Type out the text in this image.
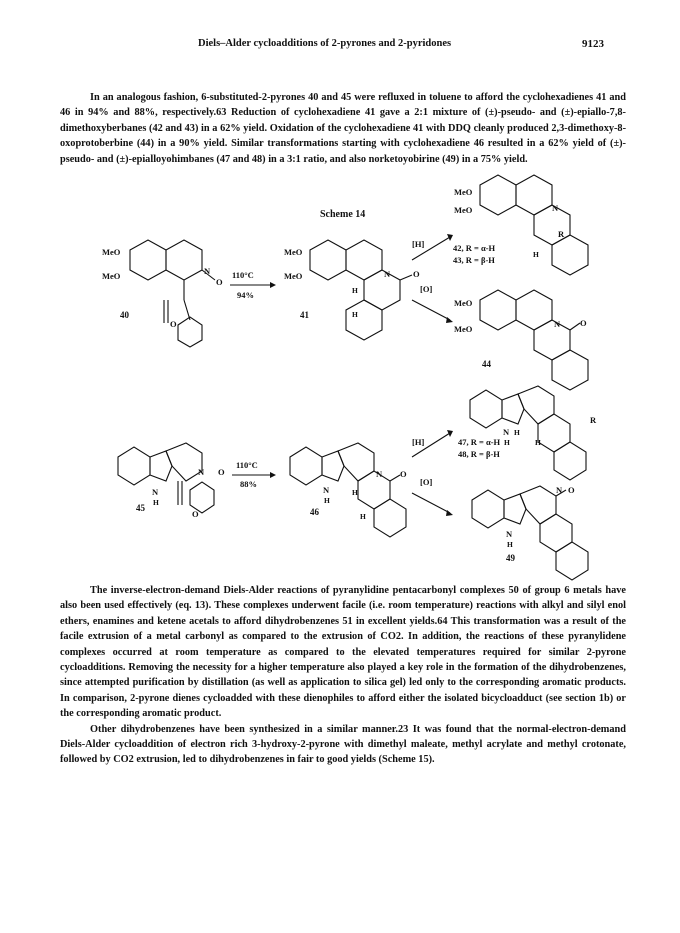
Diels–Alder cycloadditions of 2-pyrones and 2-pyridones	9123

In an analogous fashion, 6-substituted-2-pyrones 40 and 45 were refluxed in toluene to afford the cyclohexadienes 41 and 46 in 94% and 88%, respectively.63 Reduction of cyclohexadiene 41 gave a 2:1 mixture of (±)-pseudo- and (±)-epiallo-7,8-dimethoxyberbanes (42 and 43) in a 62% yield. Oxidation of the cyclohexadiene 41 with DDQ cleanly produced 2,3-dimethoxy-8-oxoprotoberbine (44) in a 90% yield. Similar transformations starting with cyclohexadiene 46 resulted in a 62% yield of (±)-pseudo- and (±)-epialloyohimbanes (47 and 48) in a 3:1 ratio, and also norketoyobirine (49) in a 75% yield.

Scheme 14
MeO
MeO	N
O
O
40
110°C
94%
MeO
MeO	N	O
H
H
41
[H]
[O]
MeO
MeO	N
R
H
42, R = α-H
43, R = β-H
MeO
MeO	N O
44
N
H
N O
O
45
110°C
88%
N
H
N O
H
H
46
[H]
[O]
N
H
H
R
H
47, R = α-H
48, R = β-H
N
H
N O
49

The inverse-electron-demand Diels-Alder reactions of pyranylidine pentacarbonyl complexes 50 of group 6 metals have also been used effectively (eq. 13). These complexes underwent facile (i.e. room temperature) reactions with alkyl and silyl enol ethers, enamines and ketene acetals to afford dihydrobenzenes 51 in excellent yields.64 This transformation was a result of the facile extrusion of a metal carbonyl as compared to the extrusion of CO2. In addition, the reactions of these pyranylidene complexes occurred at room temperature as compared to the elevated temperatures required for similar 2-pyrone cycloadditions. Removing the necessity for a higher temperature also played a key role in the formation of the dihydrobenzenes, since attempted purification by distillation (as well as application to silica gel) led only to the corresponding aromatic products. In comparison, 2-pyrone dienes cycloadded with these dienophiles to afford either the isolated bicycloadduct (see section 1b) or the corresponding aromatic product.

Other dihydrobenzenes have been synthesized in a similar manner.23 It was found that the normal-electron-demand Diels-Alder cycloaddition of electron rich 3-hydroxy-2-pyrone with dimethyl maleate, methyl acrylate and methyl crotonate, followed by CO2 extrusion, led to dihydrobenzenes in fair to good yields (Scheme 15).
